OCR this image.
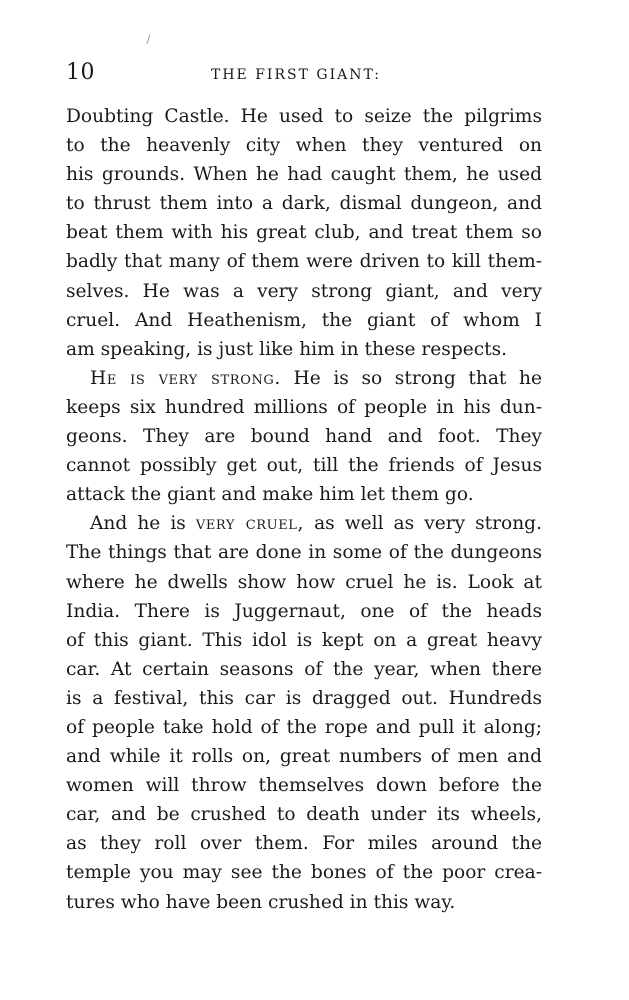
10	THE FIRST GIANT:
Doubting Castle. He used to seize the pilgrims
to the heavenly city when they ventured on
his grounds. When he had caught them, he used
to thrust them into a dark, dismal dungeon, and
beat them with his great club, and treat them so
badly that many of them were driven to kill them-
selves. He was a very strong giant, and very
cruel. And Heathenism, the giant of whom I
am speaking, is just like him in these respects.
He is very strong. He is so strong that he
keeps six hundred millions of people in his dun-
geons. They are bound hand and foot. They
cannot possibly get out, till the friends of Jesus
attack the giant and make him let them go.
And he is very cruel, as well as very strong.
The things that are done in some of the dungeons
where he dwells show how cruel he is. Look at
India. There is Juggernaut, one of the heads
of this giant. This idol is kept on a great heavy
car. At certain seasons of the year, when there
is a festival, this car is dragged out. Hundreds
of people take hold of the rope and pull it along;
and while it rolls on, great numbers of men and
women will throw themselves down before the
car, and be crushed to death under its wheels,
as they roll over them. For miles around the
temple you may see the bones of the poor crea-
tures who have been crushed in this way.
